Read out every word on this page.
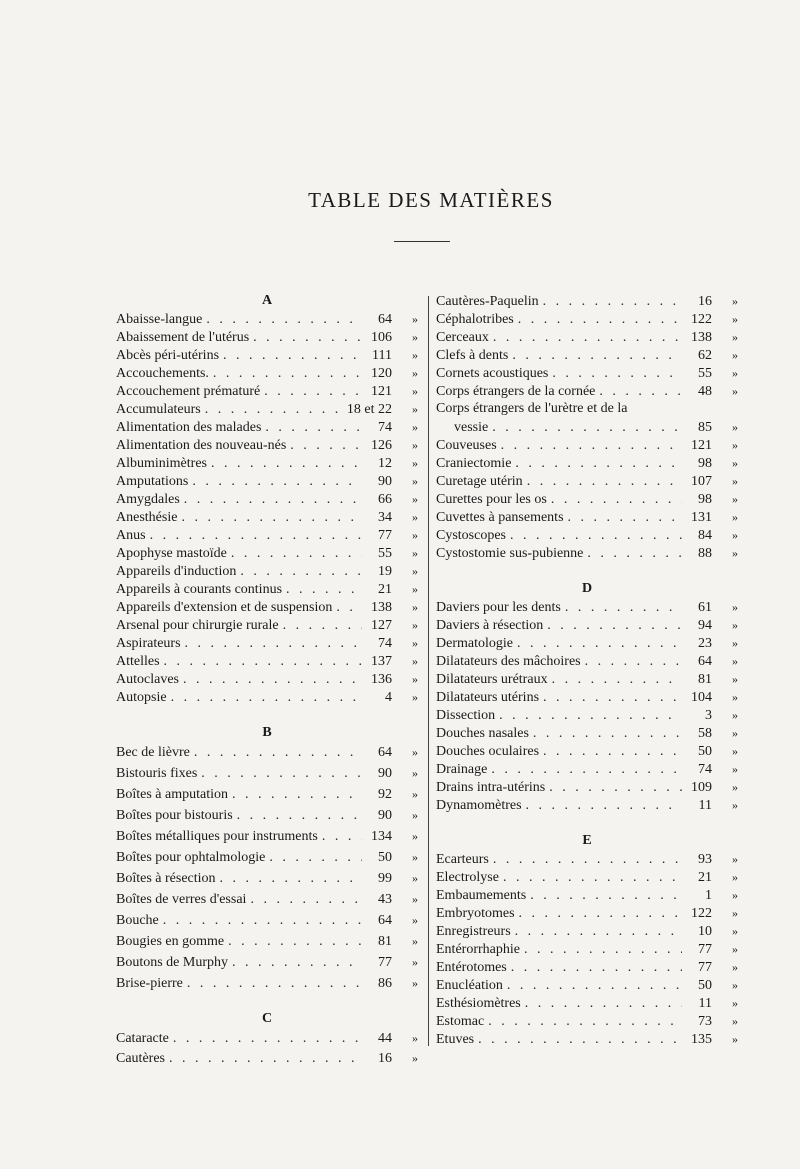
TABLE DES MATIÈRES
A
Abaisse-langue . . .	64	»
Abaissement de l'utérus . . .	106	»
Abcès péri-utérins . . .	111	»
Accouchements. . . .	120	»
Accouchement prématuré . . .	121	»
Accumulateurs . . .	18 et 22	»
Alimentation des malades . . .	74	»
Alimentation des nouveau-nés . . .	126	»
Albuminimètres . . .	12	»
Amputations . . .	90	»
Amygdales . . .	66	»
Anesthésie . . .	34	»
Anus . . .	77	»
Apophyse mastoïde . . .	55	»
Appareils d'induction . . .	19	»
Appareils à courants continus . . .	21	»
Appareils d'extension et de suspension . . .	138	»
Arsenal pour chirurgie rurale . . .	127	»
Aspirateurs . . .	74	»
Attelles . . .	137	»
Autoclaves . . .	136	»
Autopsie . . .	4	»
B
Bec de lièvre . . .	64	»
Bistouris fixes . . .	90	»
Boîtes à amputation . . .	92	»
Boîtes pour bistouris . . .	90	»
Boîtes métalliques pour instruments . . .	134	»
Boîtes pour ophtalmologie . . .	50	»
Boîtes à résection . . .	99	»
Boîtes de verres d'essai . . .	43	»
Bouche . . .	64	»
Bougies en gomme . . .	81	»
Boutons de Murphy . . .	77	»
Brise-pierre . . .	86	»
C
Cataracte . . .	44	»
Cautères . . .	16	»
Cautères-Paquelin . . .	16	»
Céphalotribes . . .	122	»
Cerceaux . . .	138	»
Clefs à dents . . .	62	»
Cornets acoustiques . . .	55	»
Corps étrangers de la cornée . . .	48	»
Corps étrangers de l'urètre et de la
vessie . . .	85	»
Couveuses . . .	121	»
Craniectomie . . .	98	»
Curetage utérin . . .	107	»
Curettes pour les os . . .	98	»
Cuvettes à pansements . . .	131	»
Cystoscopes . . .	84	»
Cystostomie sus-pubienne . . .	88	»
D
Daviers pour les dents . . .	61	»
Daviers à résection . . .	94	»
Dermatologie . . .	23	»
Dilatateurs des mâchoires . . .	64	»
Dilatateurs urétraux . . .	81	»
Dilatateurs utérins . . .	104	»
Dissection . . .	3	»
Douches nasales . . .	58	»
Douches oculaires . . .	50	»
Drainage . . .	74	»
Drains intra-utérins . . .	109	»
Dynamomètres . . .	11	»
E
Ecarteurs . . .	93	»
Electrolyse . . .	21	»
Embaumements . . .	1	»
Embryotomes . . .	122	»
Enregistreurs . . .	10	»
Entérorrhaphie . . .	77	»
Entérotomes . . .	77	»
Enucléation . . .	50	»
Esthésiomètres . . .	11	»
Estomac . . .	73	»
Etuves . . .	135	»
